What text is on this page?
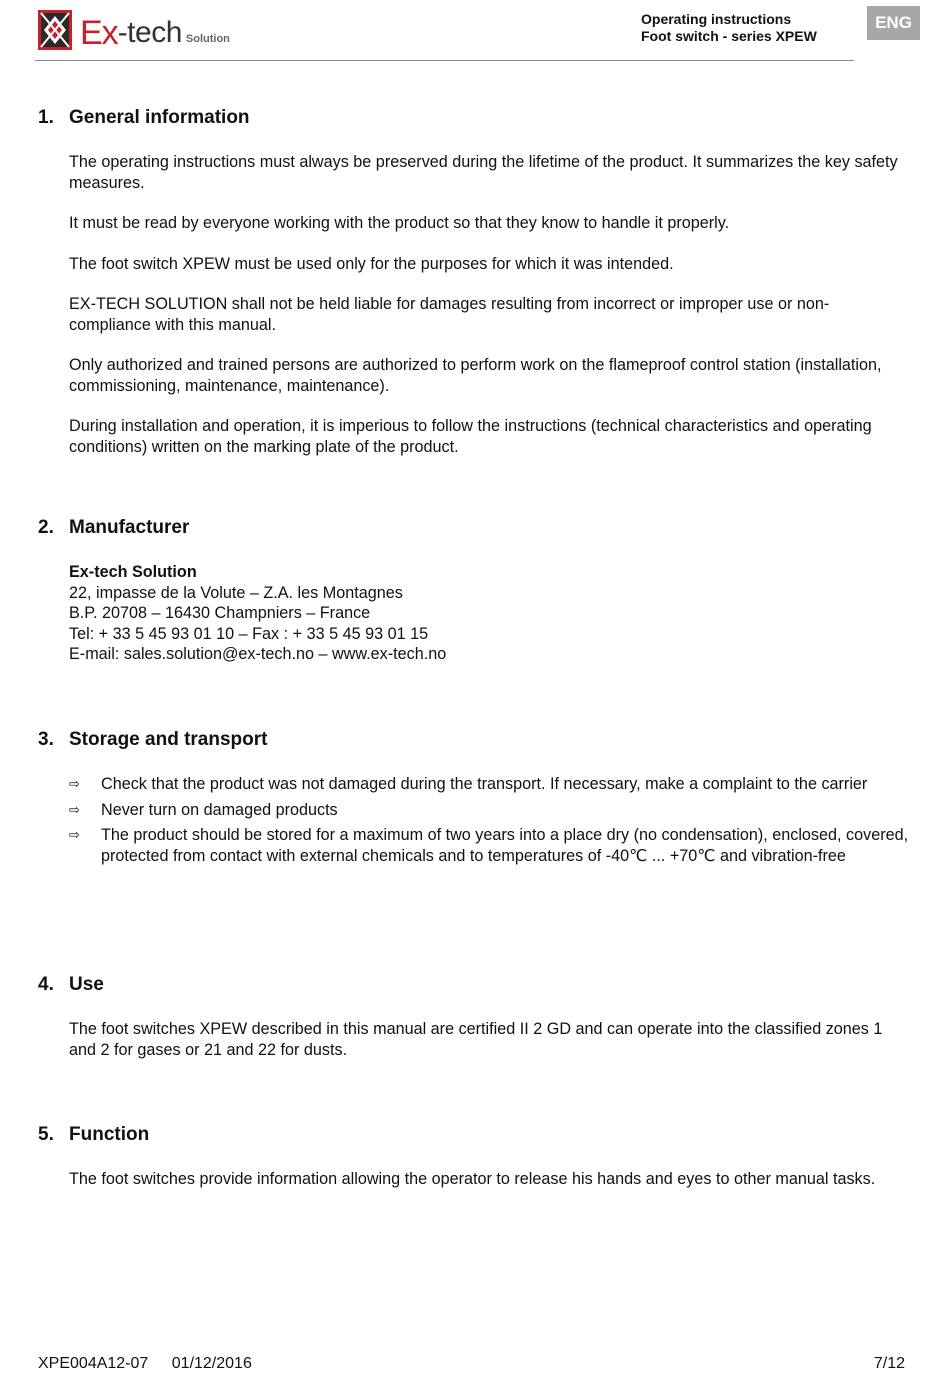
Ex -tech Solution
Operating instructions
Foot switch - series XPEW
ENG
1. General information

The operating instructions must always be preserved during the lifetime of the product. It summarizes the key safety measures.

It must be read by everyone working with the product so that they know to handle it properly.

The foot switch XPEW must be used only for the purposes for which it was intended.

EX-TECH SOLUTION shall not be held liable for damages resulting from incorrect or improper use or non-compliance with this manual.

Only authorized and trained persons are authorized to perform work on the flameproof control station (installation, commissioning, maintenance, maintenance).

During installation and operation, it is imperious to follow the instructions (technical characteristics and operating conditions) written on the marking plate of the product.

2. Manufacturer

Ex-tech Solution

22, impasse de la Volute – Z.A. les Montagnes

B.P. 20708 – 16430 Champniers – France

Tel: + 33 5 45 93 01 10 – Fax : + 33 5 45 93 01 15

E-mail: sales.solution@ex-tech.no – www.ex-tech.no

3. Storage and transport
⇨	Check that the product was not damaged during the transport. If necessary, make a complaint to the carrier
⇨	Never turn on damaged products
⇨	The product should be stored for a maximum of two years into a place dry (no condensation), enclosed, covered, protected from contact with external chemicals and to temperatures of -40℃ ... +70℃ and vibration-free
4. Use

The foot switches XPEW described in this manual are certified II 2 GD and can operate into the classified zones 1 and 2 for gases or 21 and 22 for dusts.

5. Function

The foot switches provide information allowing the operator to release his hands and eyes to other manual tasks.

XPE004A12-07 01/12/2016	7/12
